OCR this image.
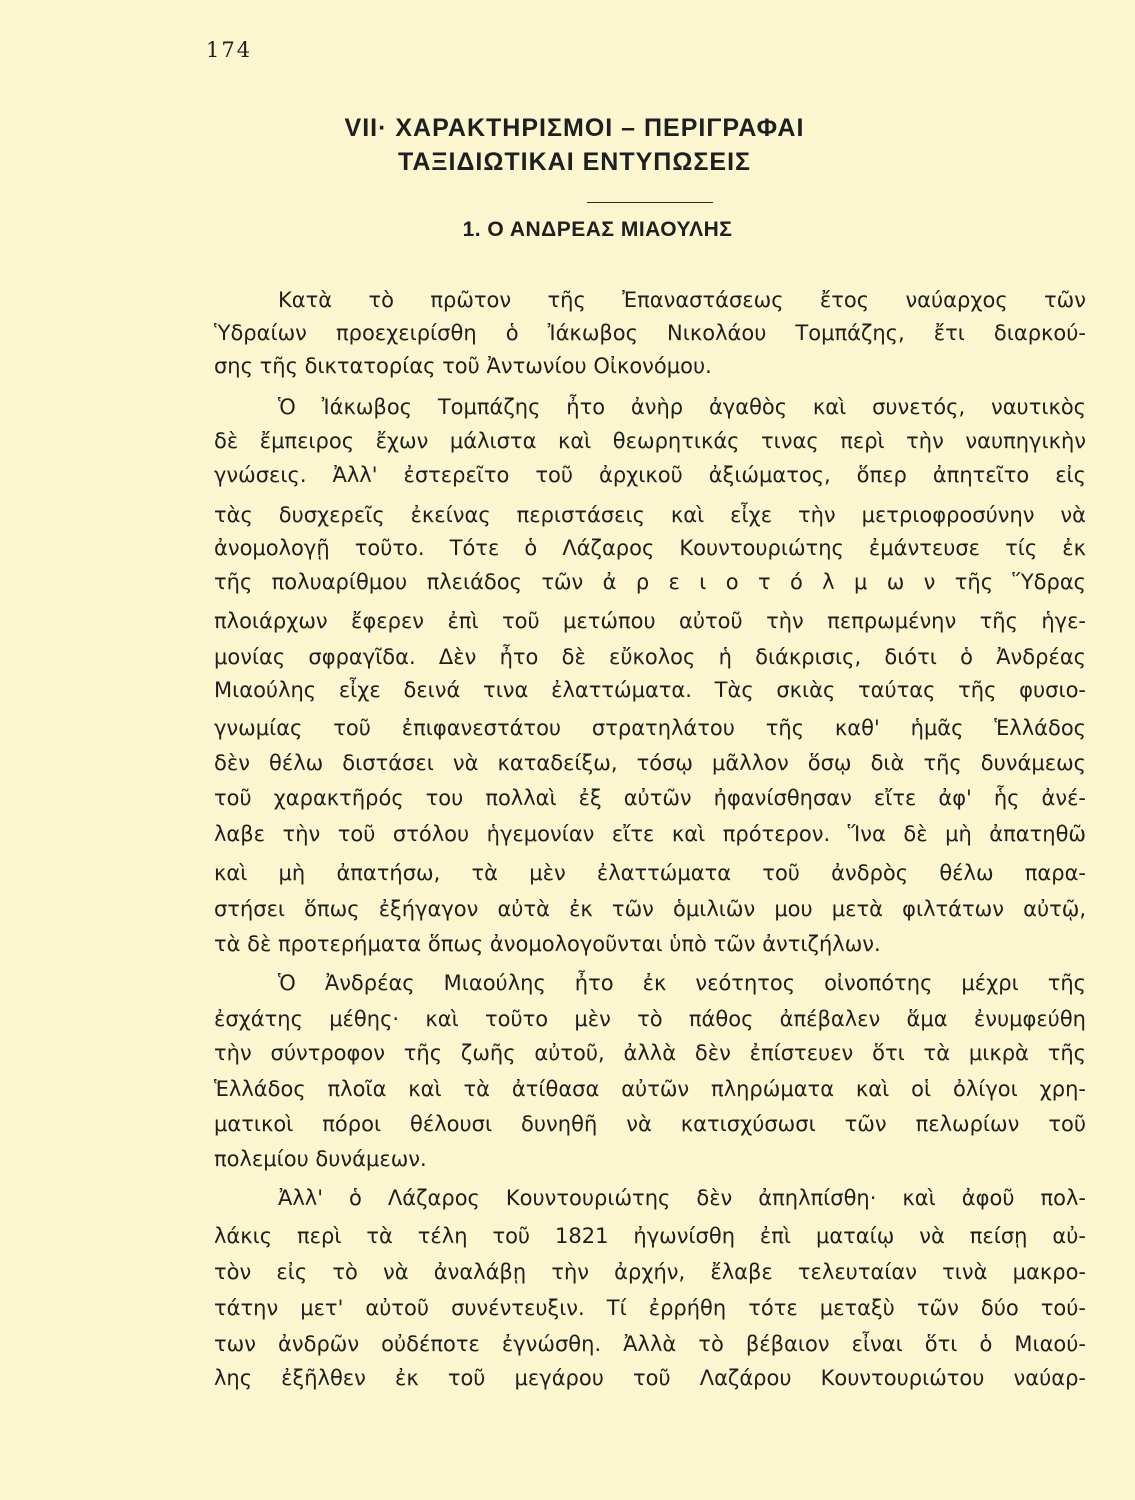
174
VII· ΧΑΡΑΚΤΗΡΙΣΜΟΙ – ΠΕΡΙΓΡΑΦΑΙ
ΤΑΞΙΔΙΩΤΙΚΑΙ ΕΝΤΥΠΩΣΕΙΣ
1. Ο ΑΝΔΡΕΑΣ ΜΙΑΟΥΛΗΣ
Κατὰ τὸ πρῶτον τῆς Ἐπαναστάσεως ἔτος ναύαρχος τῶν
Ὑδραίων προεχειρίσθη ὁ Ἰάκωβος Νικολάου Τομπάζης, ἔτι διαρκού-
σης τῆς δικτατορίας τοῦ Ἀντωνίου Οἰκονόμου.
Ὁ Ἰάκωβος Τομπάζης ἦτο ἀνὴρ ἀγαθὸς καὶ συνετός, ναυτικὸς
δὲ ἔμπειρος ἔχων μάλιστα καὶ θεωρητικάς τινας περὶ τὴν ναυπηγικὴν
γνώσεις. Ἀλλ' ἐστερεῖτο τοῦ ἀρχικοῦ ἀξιώματος, ὅπερ ἀπητεῖτο εἰς
τὰς δυσχερεῖς ἐκείνας περιστάσεις καὶ εἶχε τὴν μετριοφροσύνην νὰ
ἀνομολογῇ τοῦτο. Τότε ὁ Λάζαρος Κουντουριώτης ἐμάντευσε τίς ἐκ
τῆς πολυαρίθμου πλειάδος τῶν ἀ ρ ε ι ο τ ό λ μ ω ν τῆς Ὕδρας
πλοιάρχων ἔφερεν ἐπὶ τοῦ μετώπου αὐτοῦ τὴν πεπρωμένην τῆς ἡγε-
μονίας σφραγῖδα. Δὲν ἦτο δὲ εὔκολος ἡ διάκρισις, διότι ὁ Ἀνδρέας
Μιαούλης εἶχε δεινά τινα ἐλαττώματα. Τὰς σκιὰς ταύτας τῆς φυσιο-
γνωμίας τοῦ ἐπιφανεστάτου στρατηλάτου τῆς καθ' ἡμᾶς Ἑλλάδος
δὲν θέλω διστάσει νὰ καταδείξω, τόσῳ μᾶλλον ὅσῳ διὰ τῆς δυνάμεως
τοῦ χαρακτῆρός του πολλαὶ ἐξ αὐτῶν ἠφανίσθησαν εἴτε ἀφ' ἧς ἀνέ-
λαβε τὴν τοῦ στόλου ἡγεμονίαν εἴτε καὶ πρότερον. Ἵνα δὲ μὴ ἀπατηθῶ
καὶ μὴ ἀπατήσω, τὰ μὲν ἐλαττώματα τοῦ ἀνδρὸς θέλω παρα-
στήσει ὅπως ἐξήγαγον αὐτὰ ἐκ τῶν ὁμιλιῶν μου μετὰ φιλτάτων αὐτῷ,
τὰ δὲ προτερήματα ὅπως ἀνομολογοῦνται ὑπὸ τῶν ἀντιζήλων.
Ὁ Ἀνδρέας Μιαούλης ἦτο ἐκ νεότητος οἰνοπότης μέχρι τῆς
ἐσχάτης μέθης· καὶ τοῦτο μὲν τὸ πάθος ἀπέβαλεν ἅμα ἐνυμφεύθη
τὴν σύντροφον τῆς ζωῆς αὐτοῦ, ἀλλὰ δὲν ἐπίστευεν ὅτι τὰ μικρὰ τῆς
Ἑλλάδος πλοῖα καὶ τὰ ἀτίθασα αὐτῶν πληρώματα καὶ οἱ ὀλίγοι χρη-
ματικοὶ πόροι θέλουσι δυνηθῆ νὰ κατισχύσωσι τῶν πελωρίων τοῦ
πολεμίου δυνάμεων.
Ἀλλ' ὁ Λάζαρος Κουντουριώτης δὲν ἀπηλπίσθη· καὶ ἀφοῦ πολ-
λάκις περὶ τὰ τέλη τοῦ 1821 ἠγωνίσθη ἐπὶ ματαίῳ νὰ πείσῃ αὐ-
τὸν εἰς τὸ νὰ ἀναλάβῃ τὴν ἀρχήν, ἔλαβε τελευταίαν τινὰ μακρο-
τάτην μετ' αὐτοῦ συνέντευξιν. Τί ἐρρήθη τότε μεταξὺ τῶν δύο τού-
των ἀνδρῶν οὐδέποτε ἐγνώσθη. Ἀλλὰ τὸ βέβαιον εἶναι ὅτι ὁ Μιαού-
λης ἐξῆλθεν ἐκ τοῦ μεγάρου τοῦ Λαζάρου Κουντουριώτου ναύαρ-
